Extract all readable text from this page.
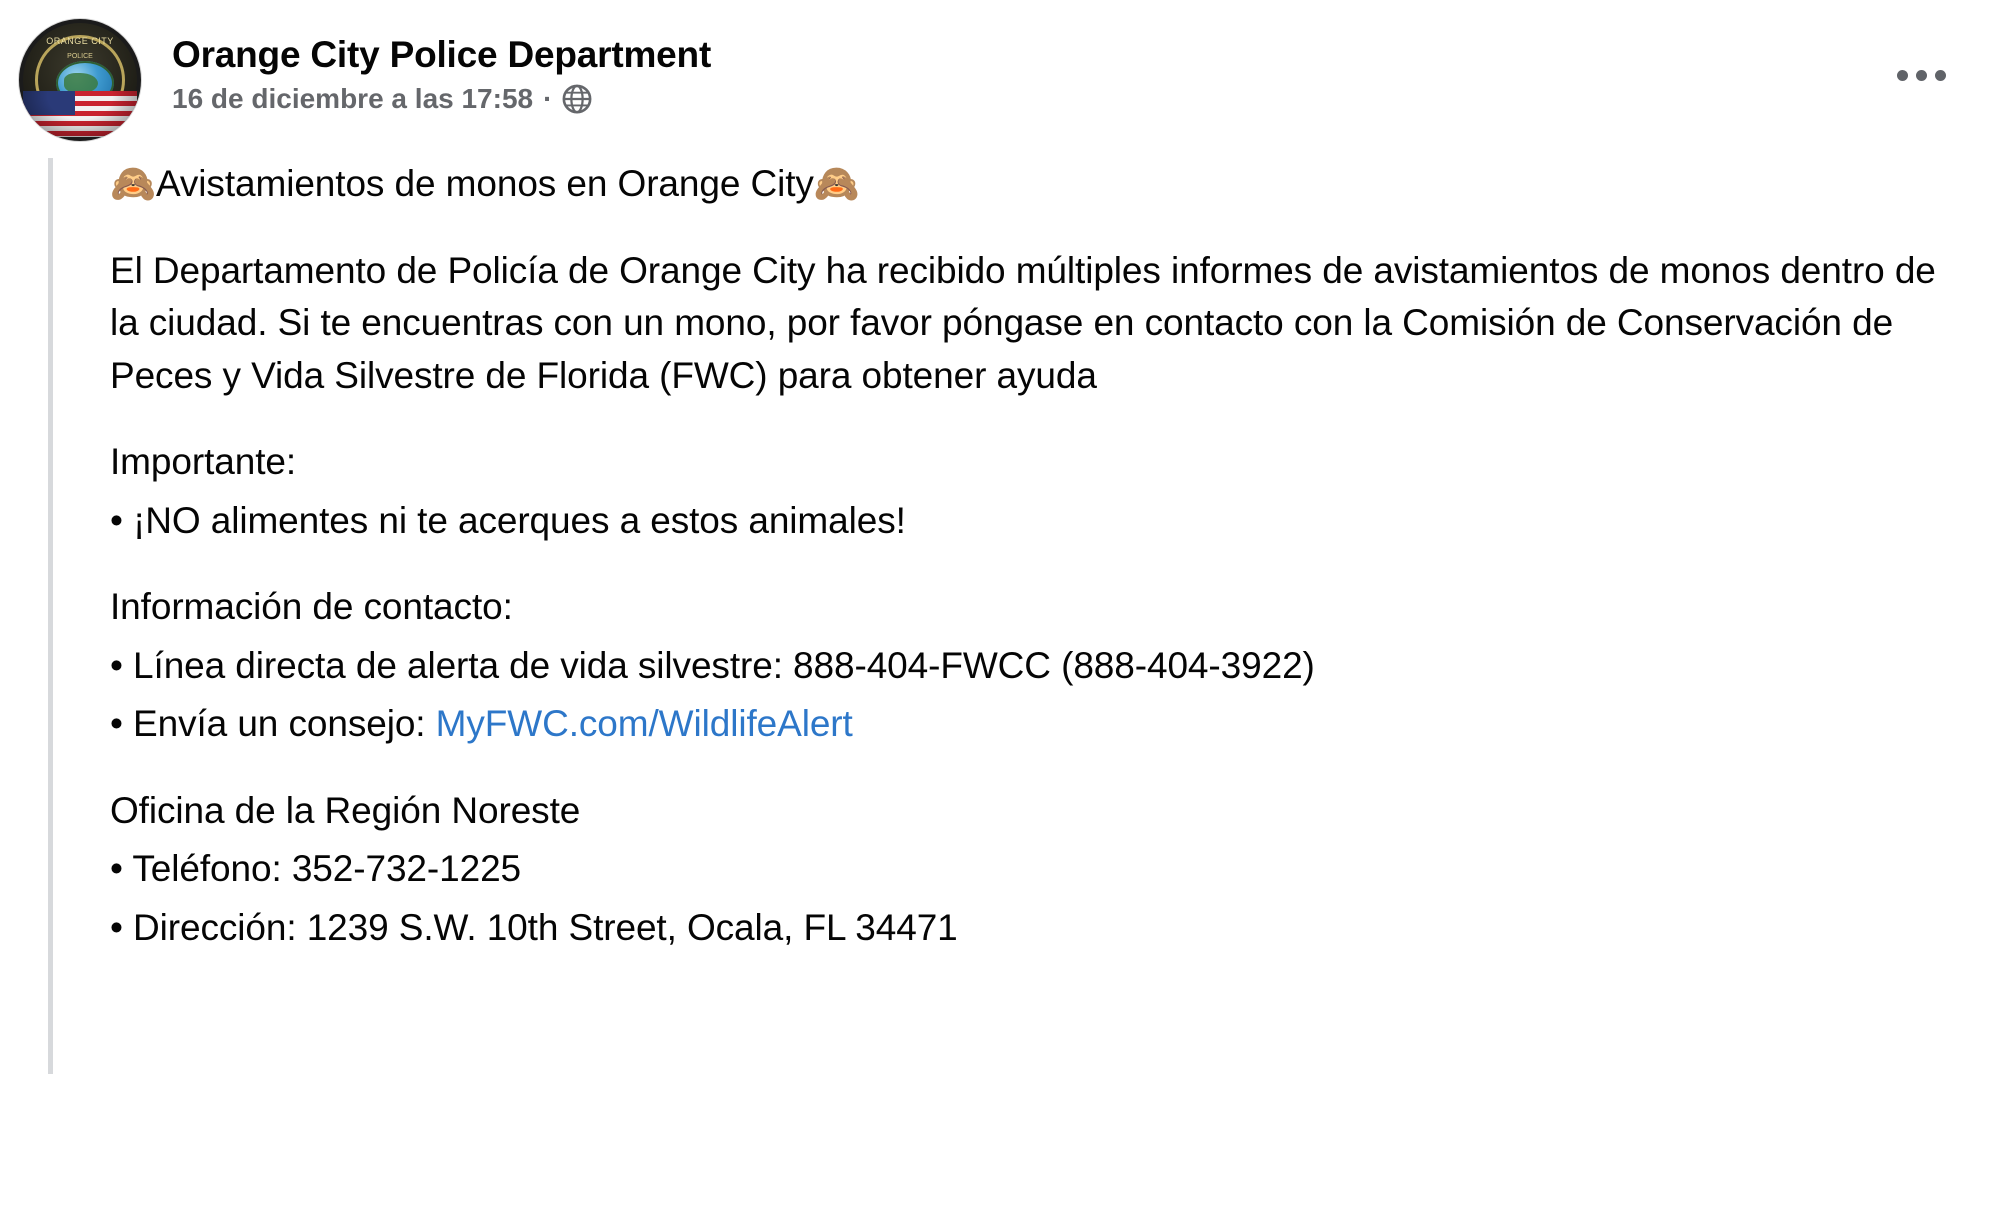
ORANGE CITY
POLICE	Orange City Police Department
16 de diciembre a las 17:58 ·

🙈Avistamientos de monos en Orange City🙈

El Departamento de Policía de Orange City ha recibido múltiples informes de avistamientos de monos dentro de la ciudad. Si te encuentras con un mono, por favor póngase en contacto con la Comisión de Conservación de Peces y Vida Silvestre de Florida (FWC) para obtener ayuda

Importante:

• ¡NO alimentes ni te acerques a estos animales!

Información de contacto:

• Línea directa de alerta de vida silvestre: 888-404-FWCC (888-404-3922)

• Envía un consejo: MyFWC.com/WildlifeAlert

Oficina de la Región Noreste

• Teléfono: 352-732-1225

• Dirección: 1239 S.W. 10th Street, Ocala, FL 34471
